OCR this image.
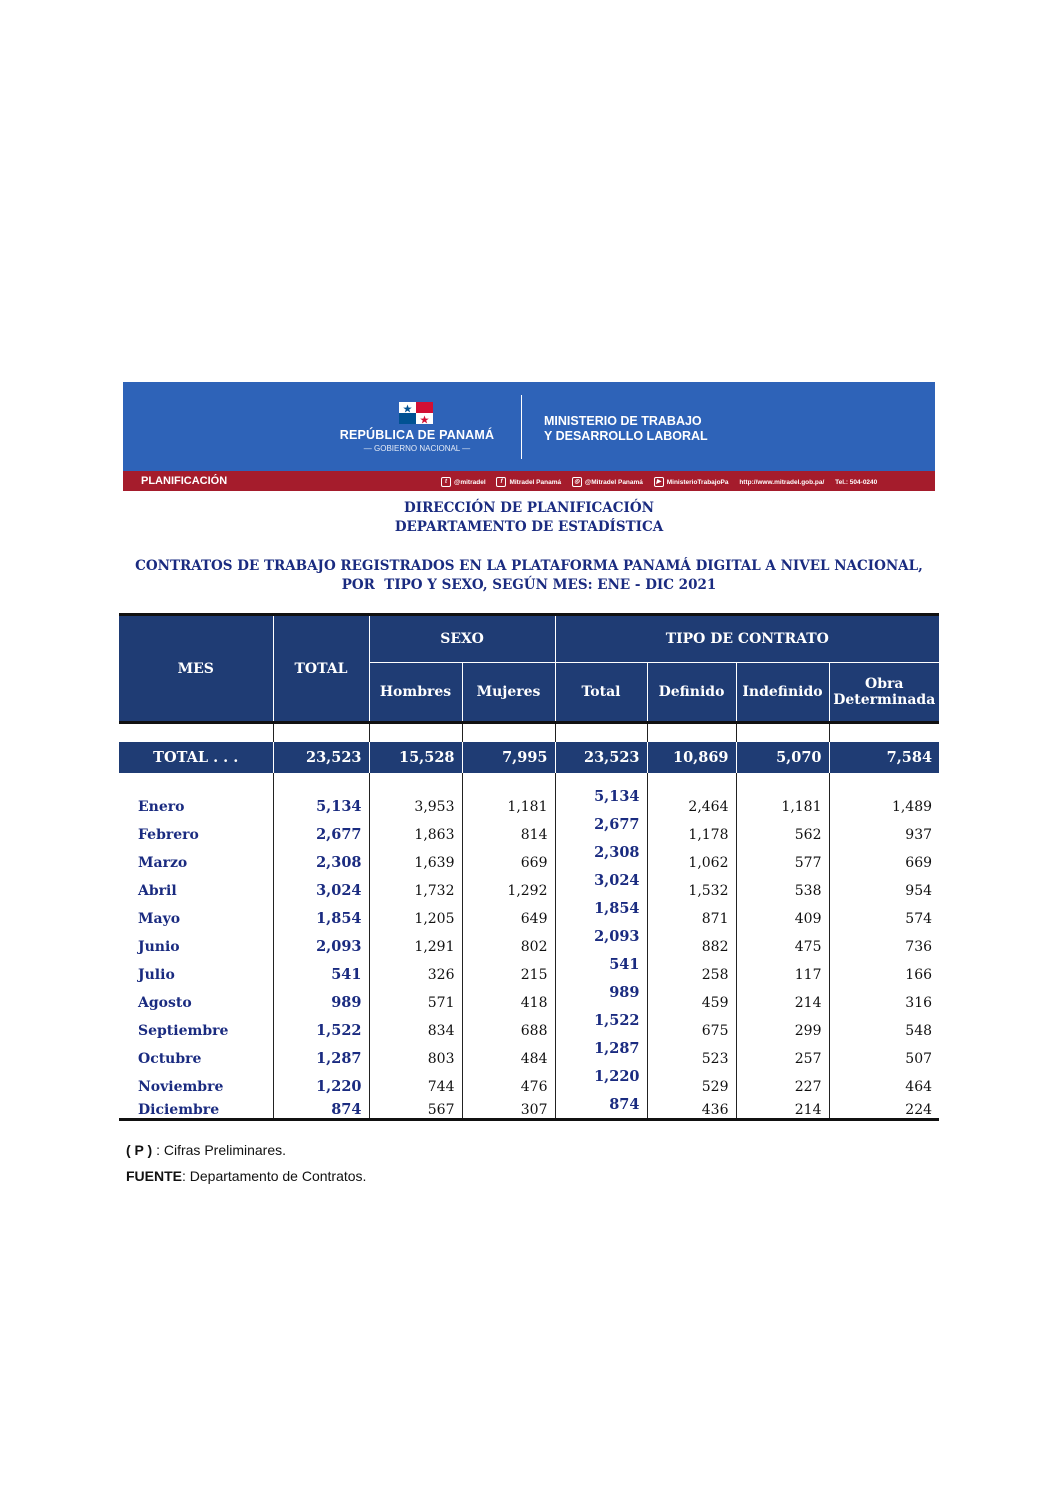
REPÚBLICA DE PANAMÁ
— GOBIERNO NACIONAL —
MINISTERIO DE TRABAJO
Y DESARROLLO LABORAL
PLANIFICACIÓN	t @mitradel f Mitradel Panamá ◎ @Mitradel Panamá ▶ MinisterioTrabajoPa http://www.mitradel.gob.pa/ Tel.: 504-0240
DIRECCIÓN DE PLANIFICACIÓN
DEPARTAMENTO DE ESTADÍSTICA
CONTRATOS DE TRABAJO REGISTRADOS EN LA PLATAFORMA PANAMÁ DIGITAL A NIVEL NACIONAL,
POR  TIPO Y SEXO, SEGÚN MES: ENE - DIC 2021
MES	TOTAL	SEXO		TIPO DE CONTRATO			
		Hombres	Mujeres	Total	Definido	Indefinido	Obra
Determinada

TOTAL . . .	23,523	15,528	7,995	23,523	10,869	5,070	7,584

Enero	5,134	3,953	1,181	5,134	2,464	1,181	1,489
Febrero	2,677	1,863	814	2,677	1,178	562	937
Marzo	2,308	1,639	669	2,308	1,062	577	669
Abril	3,024	1,732	1,292	3,024	1,532	538	954
Mayo	1,854	1,205	649	1,854	871	409	574
Junio	2,093	1,291	802	2,093	882	475	736
Julio	541	326	215	541	258	117	166
Agosto	989	571	418	989	459	214	316
Septiembre	1,522	834	688	1,522	675	299	548
Octubre	1,287	803	484	1,287	523	257	507
Noviembre	1,220	744	476	1,220	529	227	464
Diciembre	874	567	307	874	436	214	224
( P ) : Cifras Preliminares.
FUENTE: Departamento de Contratos.
